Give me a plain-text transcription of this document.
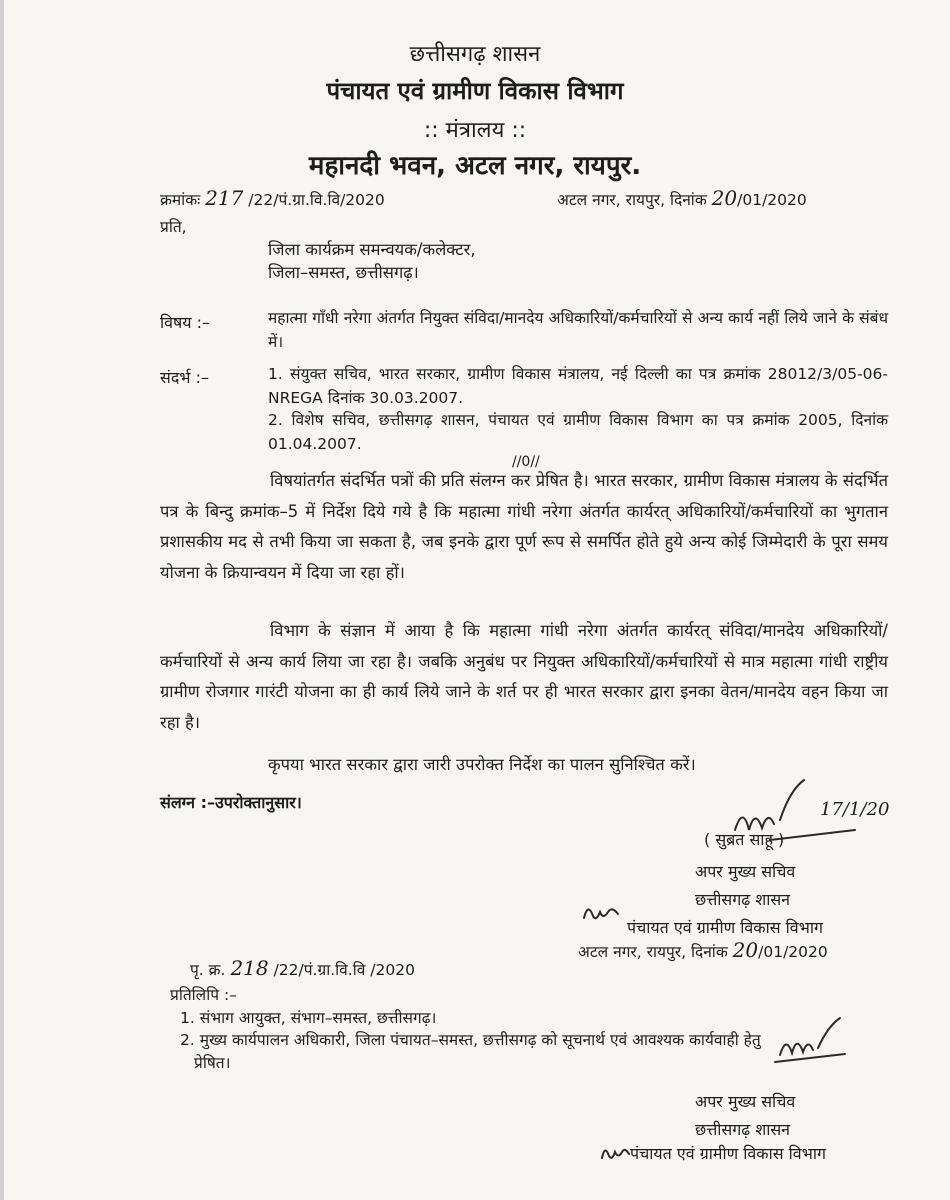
छत्तीसगढ़ शासन
पंचायत एवं ग्रामीण विकास विभाग
:: मंत्रालय ::
महानदी भवन, अटल नगर, रायपुर.
क्रमांकः 217 /22/पं.ग्रा.वि.वि/2020	अटल नगर, रायपुर, दिनांक 20/01/2020
प्रति,
जिला कार्यक्रम समन्वयक/कलेक्टर,
जिला–समस्त, छत्तीसगढ़।
विषय :–	महात्मा गाँधी नरेगा अंतर्गत नियुक्त संविदा/मानदेय अधिकारियों/कर्मचारियों से अन्य कार्य नहीं लिये जाने के संबंध में।
संदर्भ :–	1. संयुक्त सचिव, भारत सरकार, ग्रामीण विकास मंत्रालय, नई दिल्ली का पत्र क्रमांक 28012/3/05-06-NREGA दिनांक 30.03.2007.
2. विशेष सचिव, छत्तीसगढ़ शासन, पंचायत एवं ग्रामीण विकास विभाग का पत्र क्रमांक 2005, दिनांक 01.04.2007.
//0//
विषयांतर्गत संदर्भित पत्रों की प्रति संलग्न कर प्रेषित है। भारत सरकार, ग्रामीण विकास मंत्रालय के संदर्भित पत्र के बिन्दु क्रमांक–5 में निर्देश दिये गये है कि महात्मा गांधी नरेगा अंतर्गत कार्यरत् अधिकारियों/कर्मचारियों का भुगतान प्रशासकीय मद से तभी किया जा सकता है, जब इनके द्वारा पूर्ण रूप से समर्पित होते हुये अन्य कोई जिम्मेदारी के पूरा समय योजना के क्रियान्वयन में दिया जा रहा हों।
विभाग के संज्ञान में आया है कि महात्मा गांधी नरेगा अंतर्गत कार्यरत् संविदा/मानदेय अधिकारियों/कर्मचारियों से अन्य कार्य लिया जा रहा है। जबकि अनुबंध पर नियुक्त अधिकारियों/कर्मचारियों से मात्र महात्मा गांधी राष्ट्रीय ग्रामीण रोजगार गारंटी योजना का ही कार्य लिये जाने के शर्त पर ही भारत सरकार द्वारा इनका वेतन/मानदेय वहन किया जा रहा है।
कृपया भारत सरकार द्वारा जारी उपरोक्त निर्देश का पालन सुनिश्चित करें।
संलग्न :–उपरोक्तानुसार।	17/1/20
( सुब्रत साहू )
अपर मुख्य सचिव
छत्तीसगढ़ शासन
पंचायत एवं ग्रामीण विकास विभाग
पृ. क्र. 218 /22/पं.ग्रा.वि.वि /2020
अटल नगर, रायपुर, दिनांक 20/01/2020
प्रतिलिपि :–
1. संभाग आयुक्त, संभाग–समस्त, छत्तीसगढ़।
2. मुख्य कार्यपालन अधिकारी, जिला पंचायत–समस्त, छत्तीसगढ़ को सूचनार्थ एवं आवश्यक कार्यवाही हेतु
प्रेषित।
अपर मुख्य सचिव
छत्तीसगढ़ शासन
पंचायत एवं ग्रामीण विकास विभाग
